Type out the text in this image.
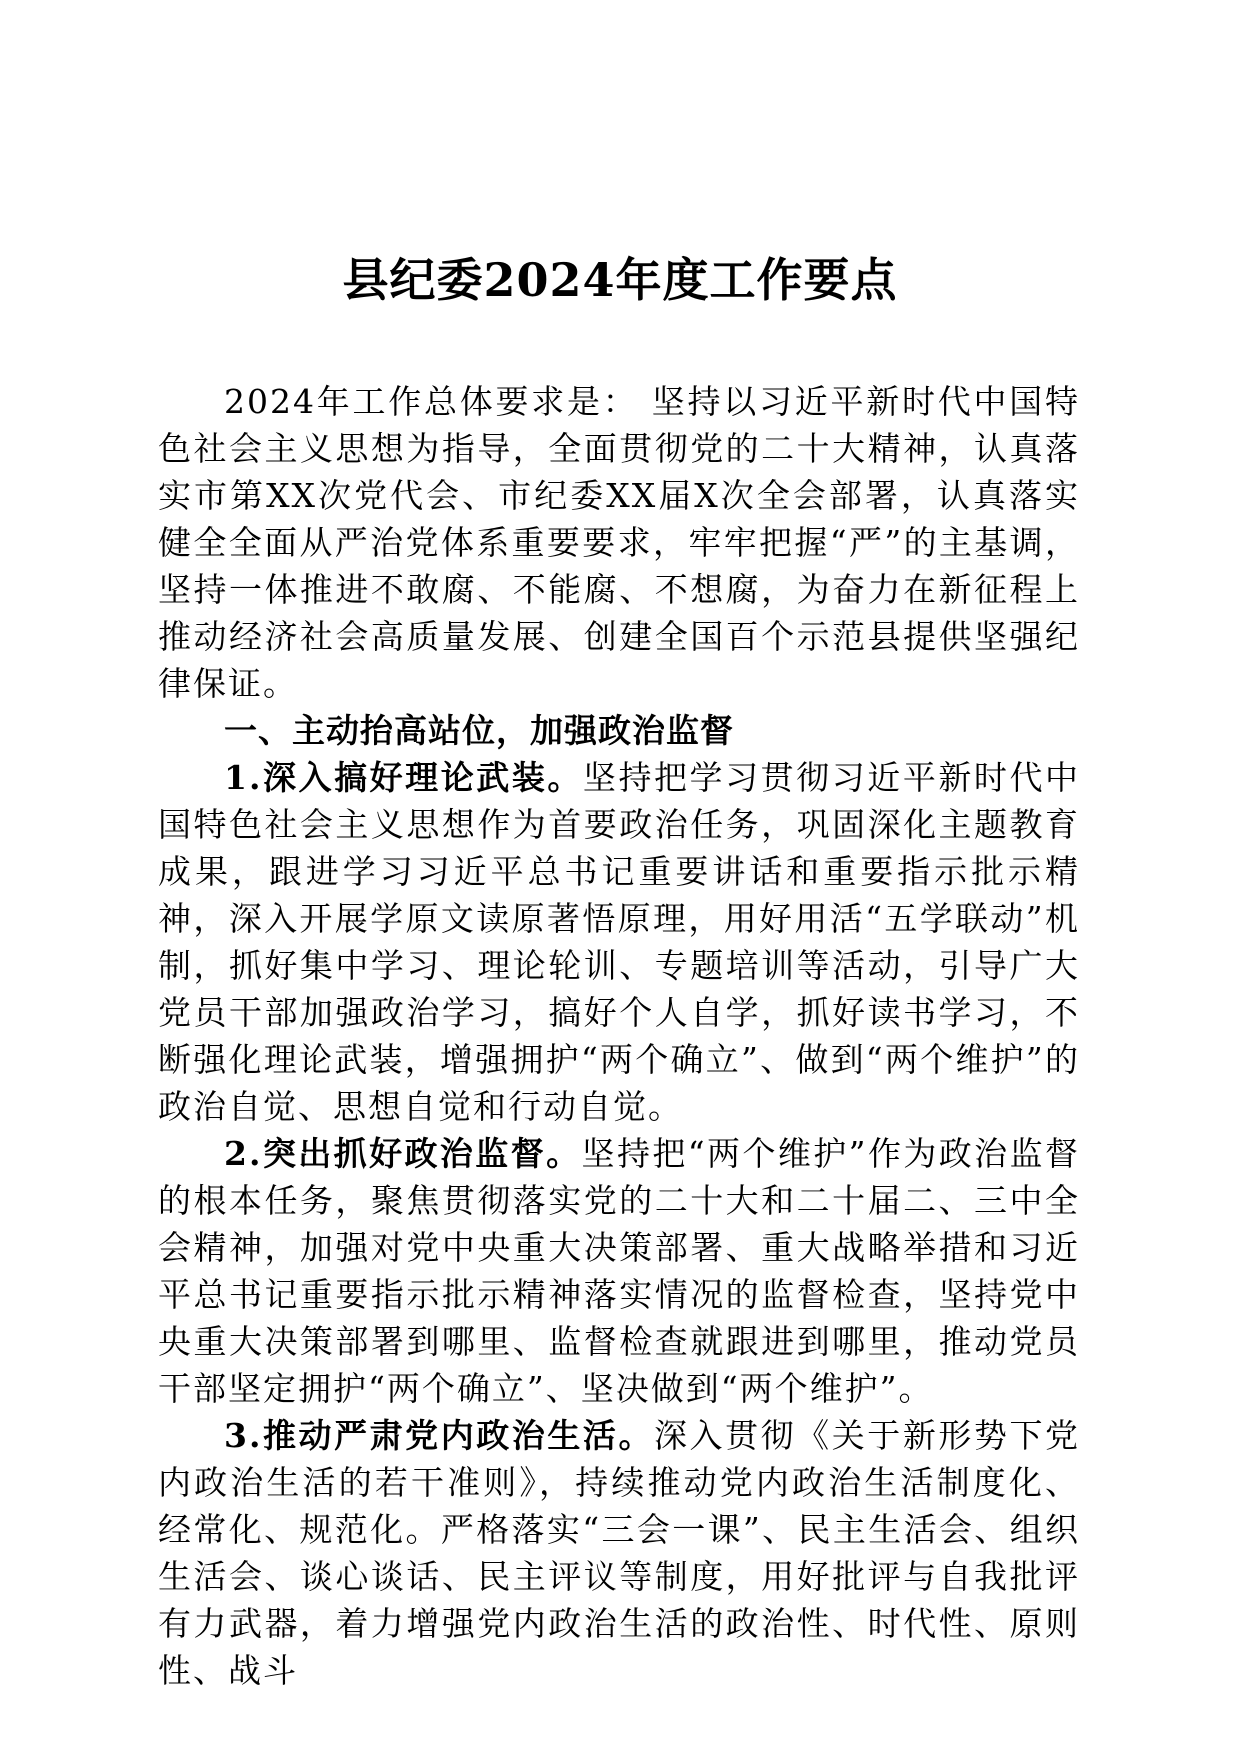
县纪委2024年度工作要点

2024年工作总体要求是： 坚持以习近平新时代中国特色社会主义思想为指导，全面贯彻党的二十大精神，认真落实市第XX次党代会、市纪委XX届X次全会部署，认真落实健全全面从严治党体系重要要求，牢牢把握“严”的主基调，坚持一体推进不敢腐、不能腐、不想腐，为奋力在新征程上推动经济社会高质量发展、创建全国百个示范县提供坚强纪律保证。

一、主动抬高站位，加强政治监督

1.深入搞好理论武装。坚持把学习贯彻习近平新时代中国特色社会主义思想作为首要政治任务，巩固深化主题教育成果，跟进学习习近平总书记重要讲话和重要指示批示精神，深入开展学原文读原著悟原理，用好用活“五学联动”机制，抓好集中学习、理论轮训、专题培训等活动，引导广大党员干部加强政治学习，搞好个人自学，抓好读书学习，不断强化理论武装，增强拥护“两个确立”、做到“两个维护”的政治自觉、思想自觉和行动自觉。

2.突出抓好政治监督。坚持把“两个维护”作为政治监督的根本任务，聚焦贯彻落实党的二十大和二十届二、三中全会精神，加强对党中央重大决策部署、重大战略举措和习近平总书记重要指示批示精神落实情况的监督检查，坚持党中央重大决策部署到哪里、监督检查就跟进到哪里，推动党员干部坚定拥护“两个确立”、坚决做到“两个维护”。

3.推动严肃党内政治生活。深入贯彻《关于新形势下党内政治生活的若干准则》，持续推动党内政治生活制度化、经常化、规范化。严格落实“三会一课”、民主生活会、组织生活会、谈心谈话、民主评议等制度，用好批评与自我批评有力武器，着力增强党内政治生活的政治性、时代性、原则性、战斗
